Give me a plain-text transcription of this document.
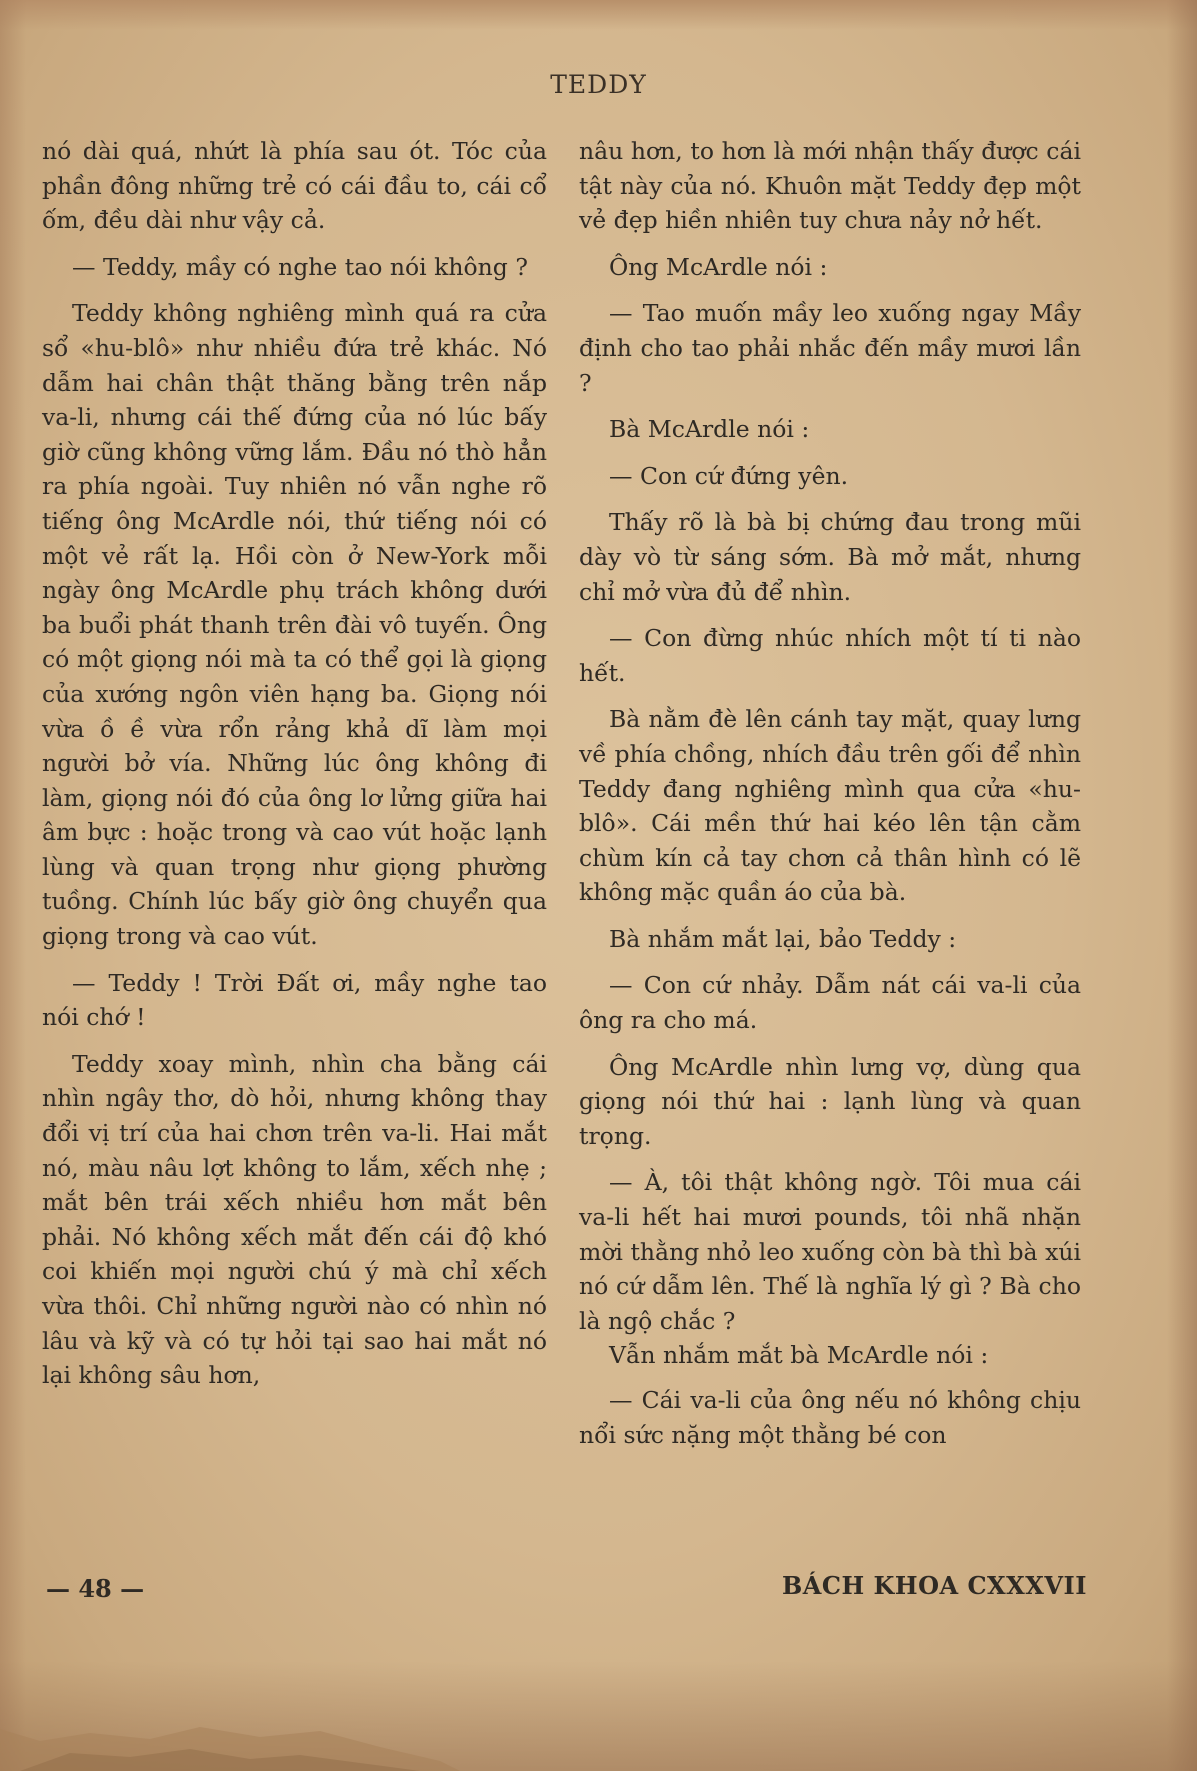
TEDDY

nó dài quá, nhứt là phía sau ót. Tóc của phần đông những trẻ có cái đầu to, cái cổ ốm, đều dài như vậy cả.

— Teddy, mầy có nghe tao nói không ?

Teddy không nghiêng mình quá ra cửa sổ «hu-blô» như nhiều đứa trẻ khác. Nó dẫm hai chân thật thăng bằng trên nắp va-li, nhưng cái thế đứng của nó lúc bấy giờ cũng không vững lắm. Đầu nó thò hẳn ra phía ngoài. Tuy nhiên nó vẫn nghe rõ tiếng ông McArdle nói, thứ tiếng nói có một vẻ rất lạ. Hồi còn ở New-York mỗi ngày ông McArdle phụ trách không dưới ba buổi phát thanh trên đài vô tuyến. Ông có một giọng nói mà ta có thể gọi là giọng của xướng ngôn viên hạng ba. Giọng nói vừa ồ ề vừa rổn rảng khả dĩ làm mọi người bở vía. Những lúc ông không đi làm, giọng nói đó của ông lơ lửng giữa hai âm bực : hoặc trong và cao vút hoặc lạnh lùng và quan trọng như giọng phường tuồng. Chính lúc bấy giờ ông chuyển qua giọng trong và cao vút.

— Teddy ! Trời Đất ơi, mầy nghe tao nói chớ !

Teddy xoay mình, nhìn cha bằng cái nhìn ngây thơ, dò hỏi, nhưng không thay đổi vị trí của hai chơn trên va-li. Hai mắt nó, màu nâu lợt không to lắm, xếch nhẹ ; mắt bên trái xếch nhiều hơn mắt bên phải. Nó không xếch mắt đến cái độ khó coi khiến mọi người chú ý mà chỉ xếch vừa thôi. Chỉ những người nào có nhìn nó lâu và kỹ và có tự hỏi tại sao hai mắt nó lại không sâu hơn,

nâu hơn, to hơn là mới nhận thấy được cái tật này của nó. Khuôn mặt Teddy đẹp một vẻ đẹp hiền nhiên tuy chưa nảy nở hết.

Ông McArdle nói :

— Tao muốn mầy leo xuống ngay Mầy định cho tao phải nhắc đến mầy mươi lần ?

Bà McArdle nói :

— Con cứ đứng yên.

Thấy rõ là bà bị chứng đau trong mũi dày vò từ sáng sớm. Bà mở mắt, nhưng chỉ mở vừa đủ để nhìn.

— Con đừng nhúc nhích một tí ti nào hết.

Bà nằm đè lên cánh tay mặt, quay lưng về phía chồng, nhích đầu trên gối để nhìn Teddy đang nghiêng mình qua cửa «hu-blô». Cái mền thứ hai kéo lên tận cằm chùm kín cả tay chơn cả thân hình có lẽ không mặc quần áo của bà.

Bà nhắm mắt lại, bảo Teddy :

— Con cứ nhảy. Dẫm nát cái va-li của ông ra cho má.

Ông McArdle nhìn lưng vợ, dùng qua giọng nói thứ hai : lạnh lùng và quan trọng.

— À, tôi thật không ngờ. Tôi mua cái va-li hết hai mươi pounds, tôi nhã nhặn mời thằng nhỏ leo xuống còn bà thì bà xúi nó cứ dẫm lên. Thế là nghĩa lý gì ? Bà cho là ngộ chắc ?

Vẫn nhắm mắt bà McArdle nói :

— Cái va-li của ông nếu nó không chịu nổi sức nặng một thằng bé con

— 48 —	BÁCH KHOA CXXXVII
